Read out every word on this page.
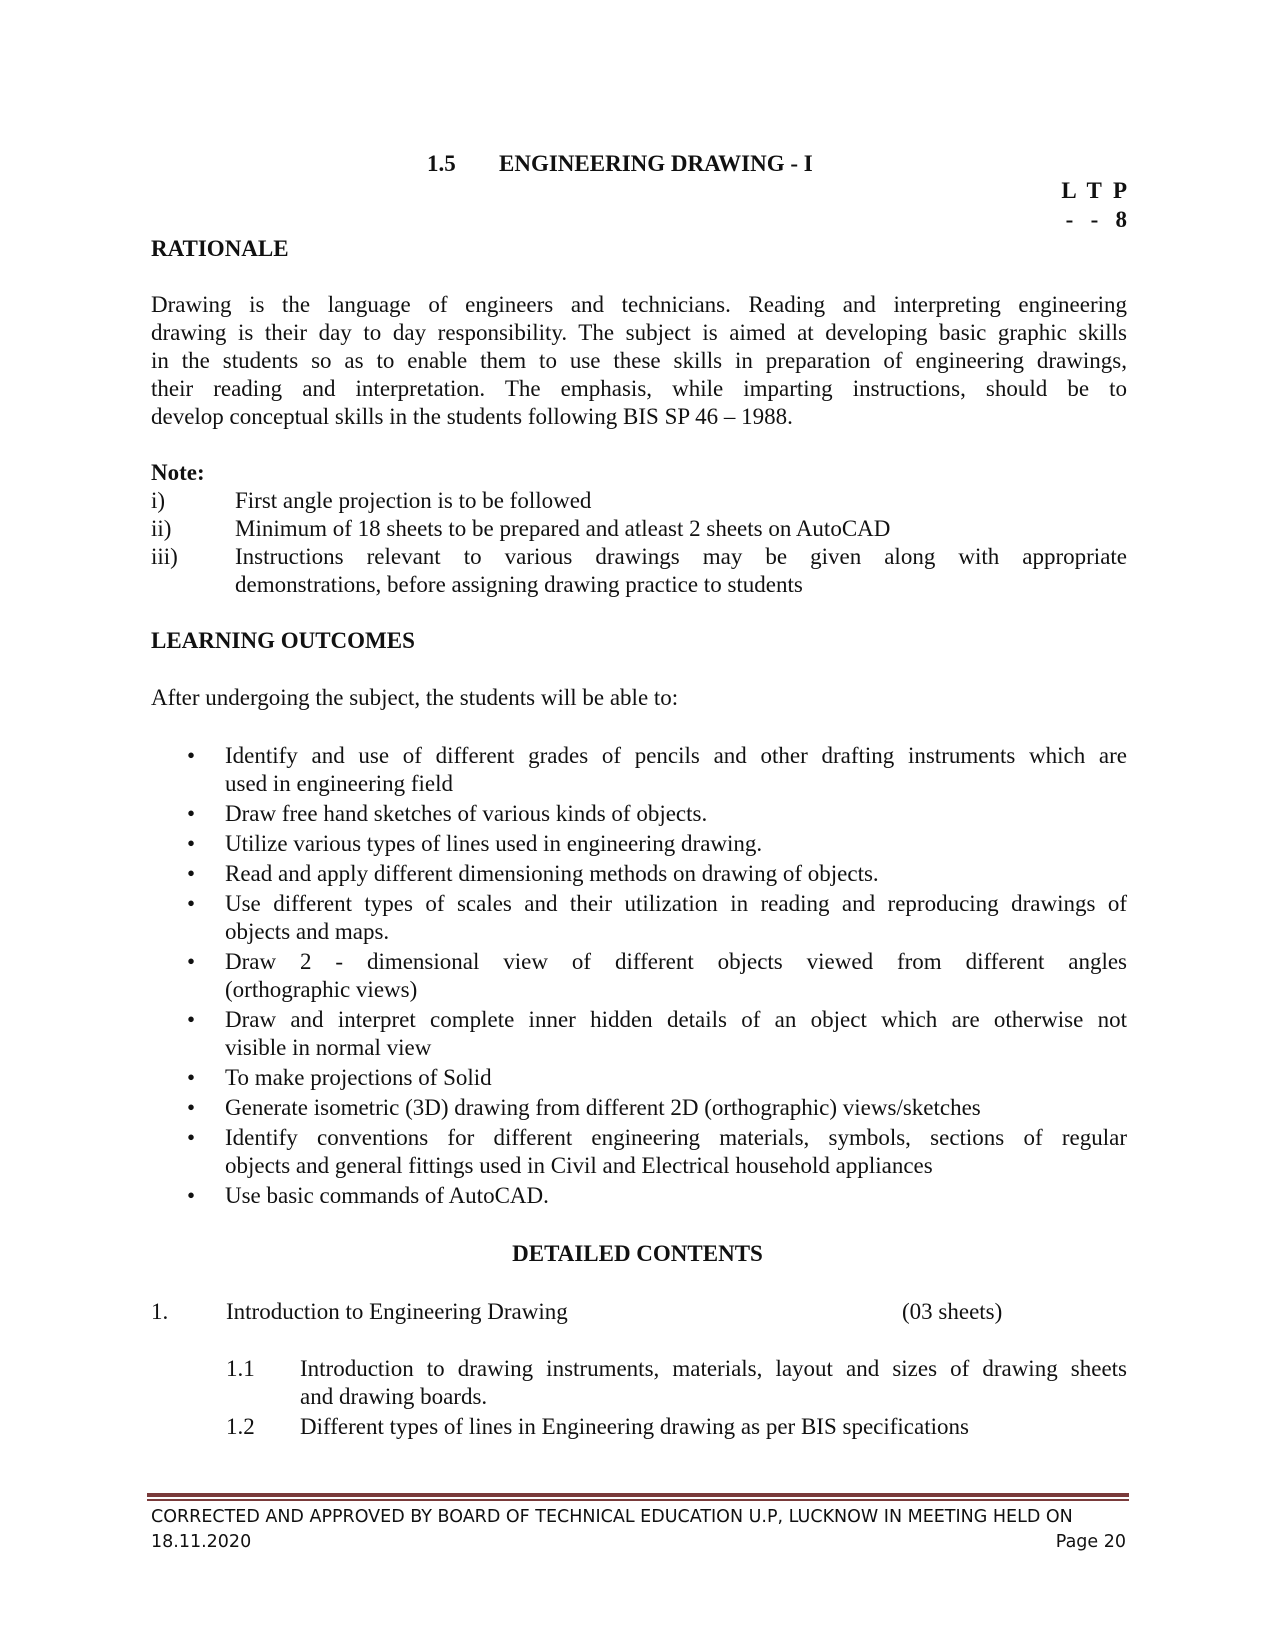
1.5 ENGINEERING DRAWING - I
L  T  P
-   -   8
RATIONALE
Drawing is the language of engineers and technicians. Reading and interpreting engineering
drawing is their day to day responsibility. The subject is aimed at developing basic graphic skills
in the students so as to enable them to use these skills in preparation of engineering drawings,
their reading and interpretation. The emphasis, while imparting instructions, should be to
develop conceptual skills in the students following BIS SP 46 – 1988.
Note:
i)	First angle projection is to be followed
ii)	Minimum of 18 sheets to be prepared and atleast 2 sheets on AutoCAD
iii) Instructions relevant to various drawings may be given along with appropriate
demonstrations, before assigning drawing practice to students
LEARNING OUTCOMES
After undergoing the subject, the students will be able to:
• Identify and use of different grades of pencils and other drafting instruments which are
used in engineering field
• Draw free hand sketches of various kinds of objects.
• Utilize various types of lines used in engineering drawing.
• Read and apply different dimensioning methods on drawing of objects.
• Use different types of scales and their utilization in reading and reproducing drawings of
objects and maps.
• Draw 2 - dimensional view of different objects viewed from different angles
(orthographic views)
• Draw and interpret complete inner hidden details of an object which are otherwise not
visible in normal view
• To make projections of Solid
• Generate isometric (3D) drawing from different 2D (orthographic) views/sketches
• Identify conventions for different engineering materials, symbols, sections of regular
objects and general fittings used in Civil and Electrical household appliances
• Use basic commands of AutoCAD.
DETAILED CONTENTS
1.	Introduction to Engineering Drawing	(03 sheets)
1.1 Introduction to drawing instruments, materials, layout and sizes of drawing sheets
and drawing boards.
1.2 Different types of lines in Engineering drawing as per BIS specifications
CORRECTED AND APPROVED BY BOARD OF TECHNICAL EDUCATION U.P, LUCKNOW IN MEETING HELD ON
18.11.2020	Page 20
